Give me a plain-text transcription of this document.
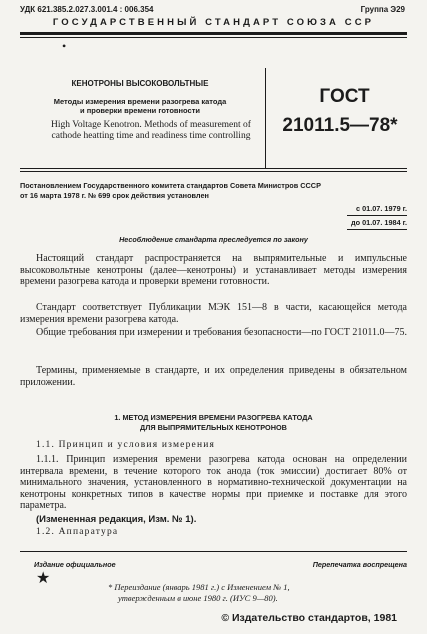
УДК 621.385.2.027.3.001.4 : 006.354	Группа Э29
ГОСУДАРСТВЕННЫЙ СТАНДАРТ СОЮЗА ССР
•
КЕНОТРОНЫ ВЫСОКОВОЛЬТНЫЕ
Методы измерения времени разогрева катода
и проверки времени готовности
High Voltage Kenotron. Methods of measurement of
cathode heatting time and readiness time controlling
ГОСТ
21011.5—78*
Постановлением Государственного комитета стандартов Совета Министров СССР
от 16 марта 1978 г. № 699 срок действия установлен
с 01.07. 1979 г.
до 01.07. 1984 г.
Несоблюдение стандарта преследуется по закону

Настоящий стандарт распространяется на выпрямительные и импульсные высоковольтные кенотроны (далее—кенотроны) и устанавливает методы измерения времени разогрева катода и проверки времени готовности.

Стандарт соответствует Публикации МЭК 151—8 в части, касающейся метода измерения времени разогрева катода.

Общие требования при измерении и требования безопасности—по ГОСТ 21011.0—75.

Термины, применяемые в стандарте, и их определения приведены в обязательном приложении.

1. МЕТОД ИЗМЕРЕНИЯ ВРЕМЕНИ РАЗОГРЕВА КАТОДА
ДЛЯ ВЫПРЯМИТЕЛЬНЫХ КЕНОТРОНОВ

1.1. Принцип и условия измерения

1.1.1. Принцип измерения времени разогрева катода основан на определении интервала времени, в течение которого ток анода (ток эмиссии) достигает 80% от минимального значения, установленного в нормативно-технической документации на кенотроны конкретных типов в качестве нормы при приемке и поставке для этого параметра.

(Измененная редакция, Изм. № 1).

1.2. Аппаратура

Издание официальное	Перепечатка воспрещена
★	* Переиздание (январь 1981 г.) с Изменением № 1,
утвержденным в июне 1980 г. (ИУС 9—80).
© Издательство стандартов, 1981
